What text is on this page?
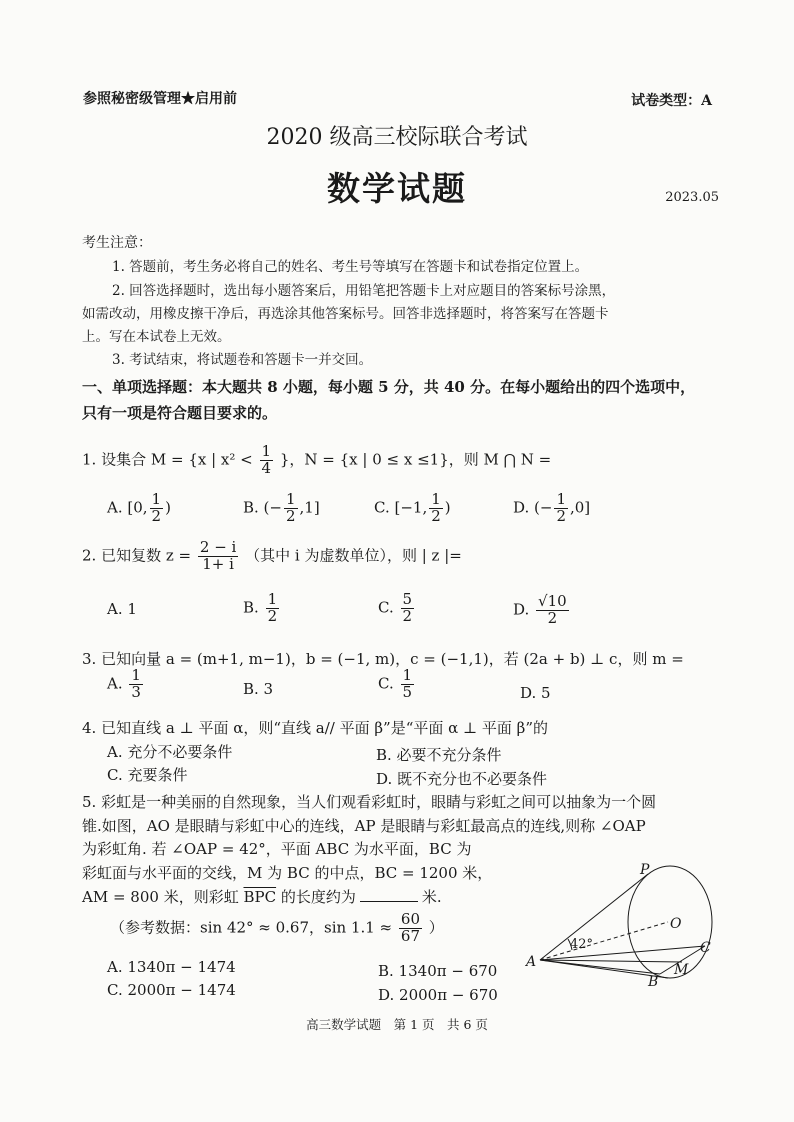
参照秘密级管理★启用前	试卷类型：A
2020 级高三校际联合考试
数学试题	2023.05
考生注意：
1. 答题前，考生务必将自己的姓名、考生号等填写在答题卡和试卷指定位置上。
2. 回答选择题时，选出每小题答案后，用铅笔把答题卡上对应题目的答案标号涂黑，
如需改动，用橡皮擦干净后，再选涂其他答案标号。回答非选择题时，将答案写在答题卡
上。写在本试卷上无效。
3. 考试结束，将试题卷和答题卡一并交回。
一、单项选择题：本大题共 8 小题，每小题 5 分，共 40 分。在每小题给出的四个选项中，
只有一项是符合题目要求的。
1. 设集合 M = {x | $x^2 < \frac{1}{4}$ }，N = {x | 0 ≤ x ≤1}，则 M ⋂ N =
A. [0, $\frac{1}{2}$ )	B. (− $\frac{1}{2} ,1$]	C. [−1, $\frac{1}{2}$ )	D. (− $\frac{1}{2} ,0$]
2. 已知复数 $z = \frac{2 - i}{1+ i}$ （其中 i 为虚数单位），则 | z |=
A. 1	B. $\frac{1}{2}$	C. $\frac{5}{2}$	D. $\frac{√10}{2}$
3. 已知向量 a = (m+1, m−1)，b = (−1, m)，c = (−1,1)，若 (2a + b) ⊥ c，则 m =
A. $\frac{1}{3}$	B. 3	C. $\frac{1}{5}$	D. 5
4. 已知直线 a ⊥ 平面 α，则“直线 a// 平面 β”是“平面 α ⊥ 平面 β”的
A. 充分不必要条件	B. 必要不充分条件
C. 充要条件	D. 既不充分也不必要条件
5. 彩虹是一种美丽的自然现象，当人们观看彩虹时，眼睛与彩虹之间可以抽象为一个圆
锥.如图，AO 是眼睛与彩虹中心的连线，AP 是眼睛与彩虹最高点的连线,则称 ∠OAP
为彩虹角. 若 ∠OAP = 42°，平面 ABC 为水平面，BC 为
彩虹面与水平面的交线，M 为 BC 的中点，BC = 1200 米，
AM = 800 米，则彩虹 $\overline{BPC}$ 的长度约为	米.
（参考数据：sin 42° ≈ 0.67，$\sin 1.1 \approx \frac{60}{67}$ ）
A. 1340π − 1474	B. 1340π − 670
C. 2000π − 1474	D. 2000π − 670
P
O
A
B
C
M
42°
高三数学试题　第 1 页　共 6 页
